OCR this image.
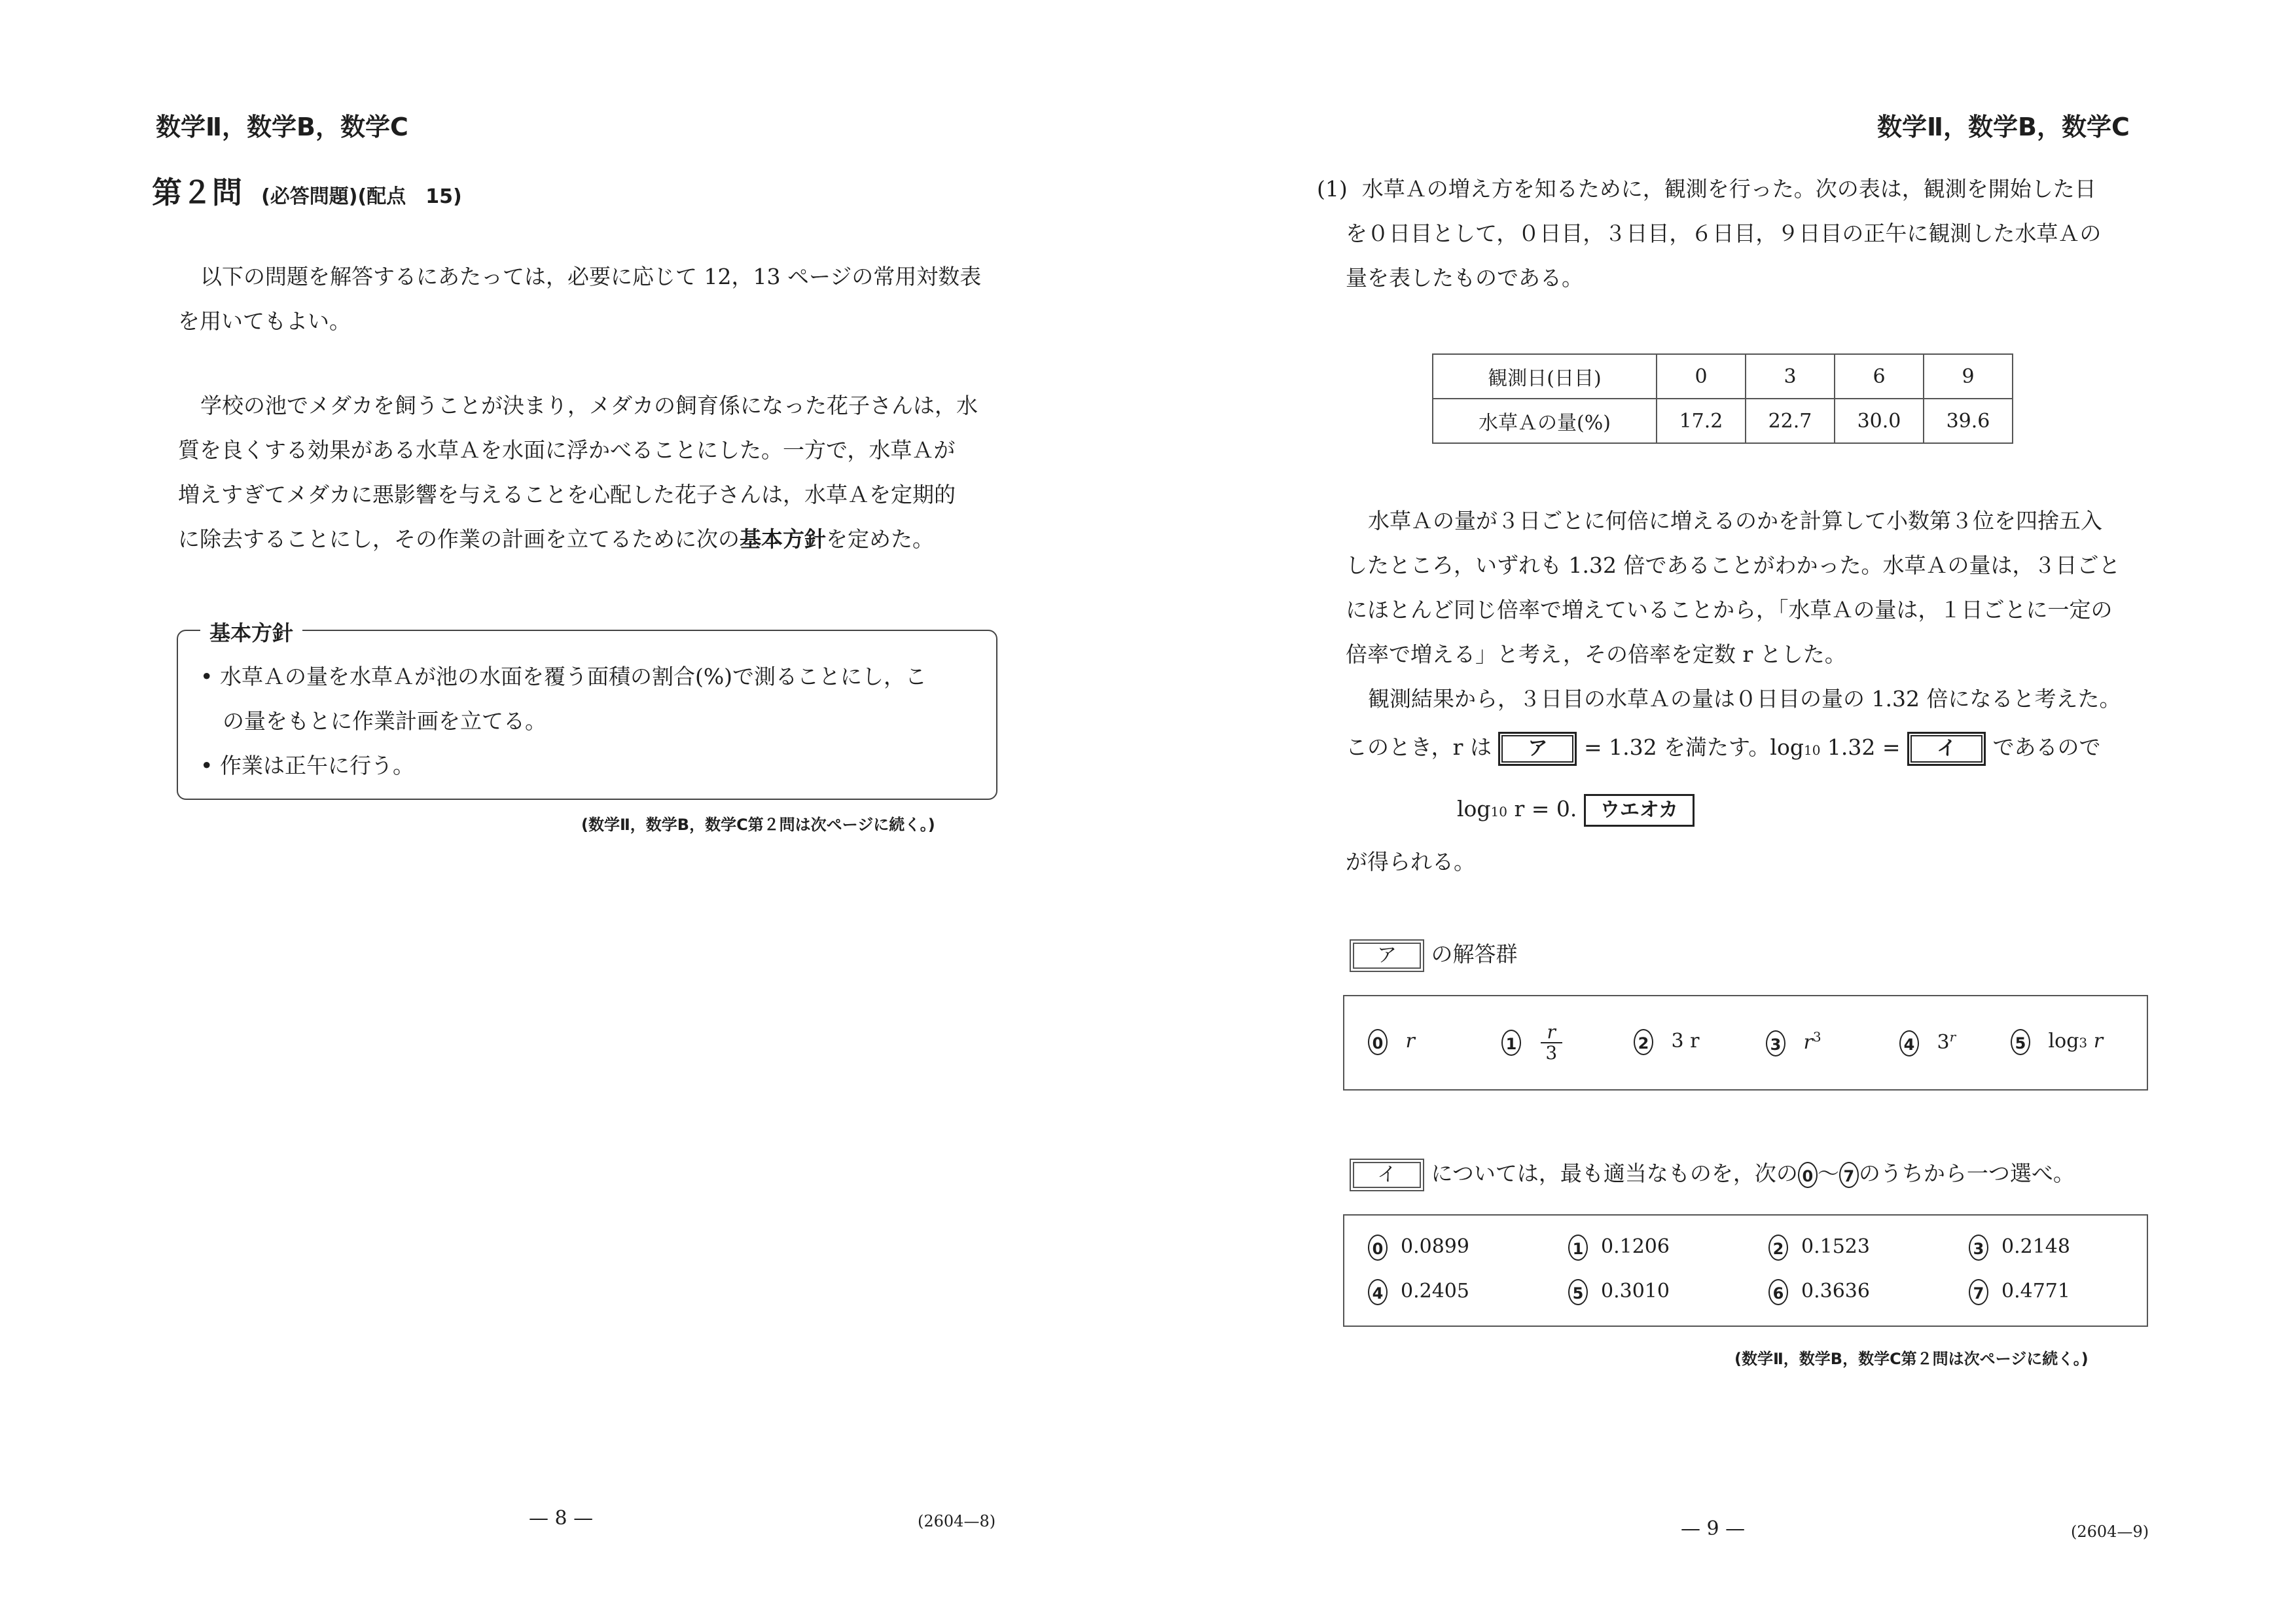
数学Ⅱ，数学B，数学C
第２問 (必答問題)(配点　15)
以下の問題を解答するにあたっては，必要に応じて 12，13 ページの常用対数表
を用いてもよい。
学校の池でメダカを飼うことが決まり，メダカの飼育係になった花子さんは，水
質を良くする効果がある水草Ａを水面に浮かべることにした。一方で，水草Ａが
増えすぎてメダカに悪影響を与えることを心配した花子さんは，水草Ａを定期的
に除去することにし，その作業の計画を立てるために次の基本方針を定めた。
基本方針
• 水草Ａの量を水草Ａが池の水面を覆う面積の割合(%)で測ることにし，こ
の量をもとに作業計画を立てる。
• 作業は正午に行う。
(数学Ⅱ，数学B，数学C第２問は次ページに続く。)
— 8 —	(2604—8)
数学Ⅱ，数学B，数学C
(1) 水草Ａの増え方を知るために，観測を行った。次の表は，観測を開始した日
を０日目として，０日目，３日目，６日目，９日目の正午に観測した水草Ａの
量を表したものである。
観測日(日目)	0	3	6	9
水草Ａの量(%)	17.2	22.7	30.0	39.6
水草Ａの量が３日ごとに何倍に増えるのかを計算して小数第３位を四捨五入
したところ，いずれも 1.32 倍であることがわかった。水草Ａの量は，３日ごと
にほとんど同じ倍率で増えていることから，「水草Ａの量は，１日ごとに一定の
倍率で増える」と考え，その倍率を定数 r とした。
観測結果から，３日目の水草Ａの量は０日目の量の 1.32 倍になると考えた。
このとき，r は	ア	= 1.32 を満たす。log10 1.32 =	イ	であるので
log10 r = 0. ウエオカ
が得られる。
ア	の解答群
0 r	$1 \frac{r}{3}$	2 3 r	3 $r^3$	4 3$^r$	5 log3 r
イ	については，最も適当なものを，次の 0 〜 7 のうちから一つ選べ。
0 0.0899	1 0.1206	2 0.1523	3 0.2148
4 0.2405	5 0.3010	6 0.3636	7 0.4771
(数学Ⅱ，数学B，数学C第２問は次ページに続く。)
— 9 —	(2604—9)
